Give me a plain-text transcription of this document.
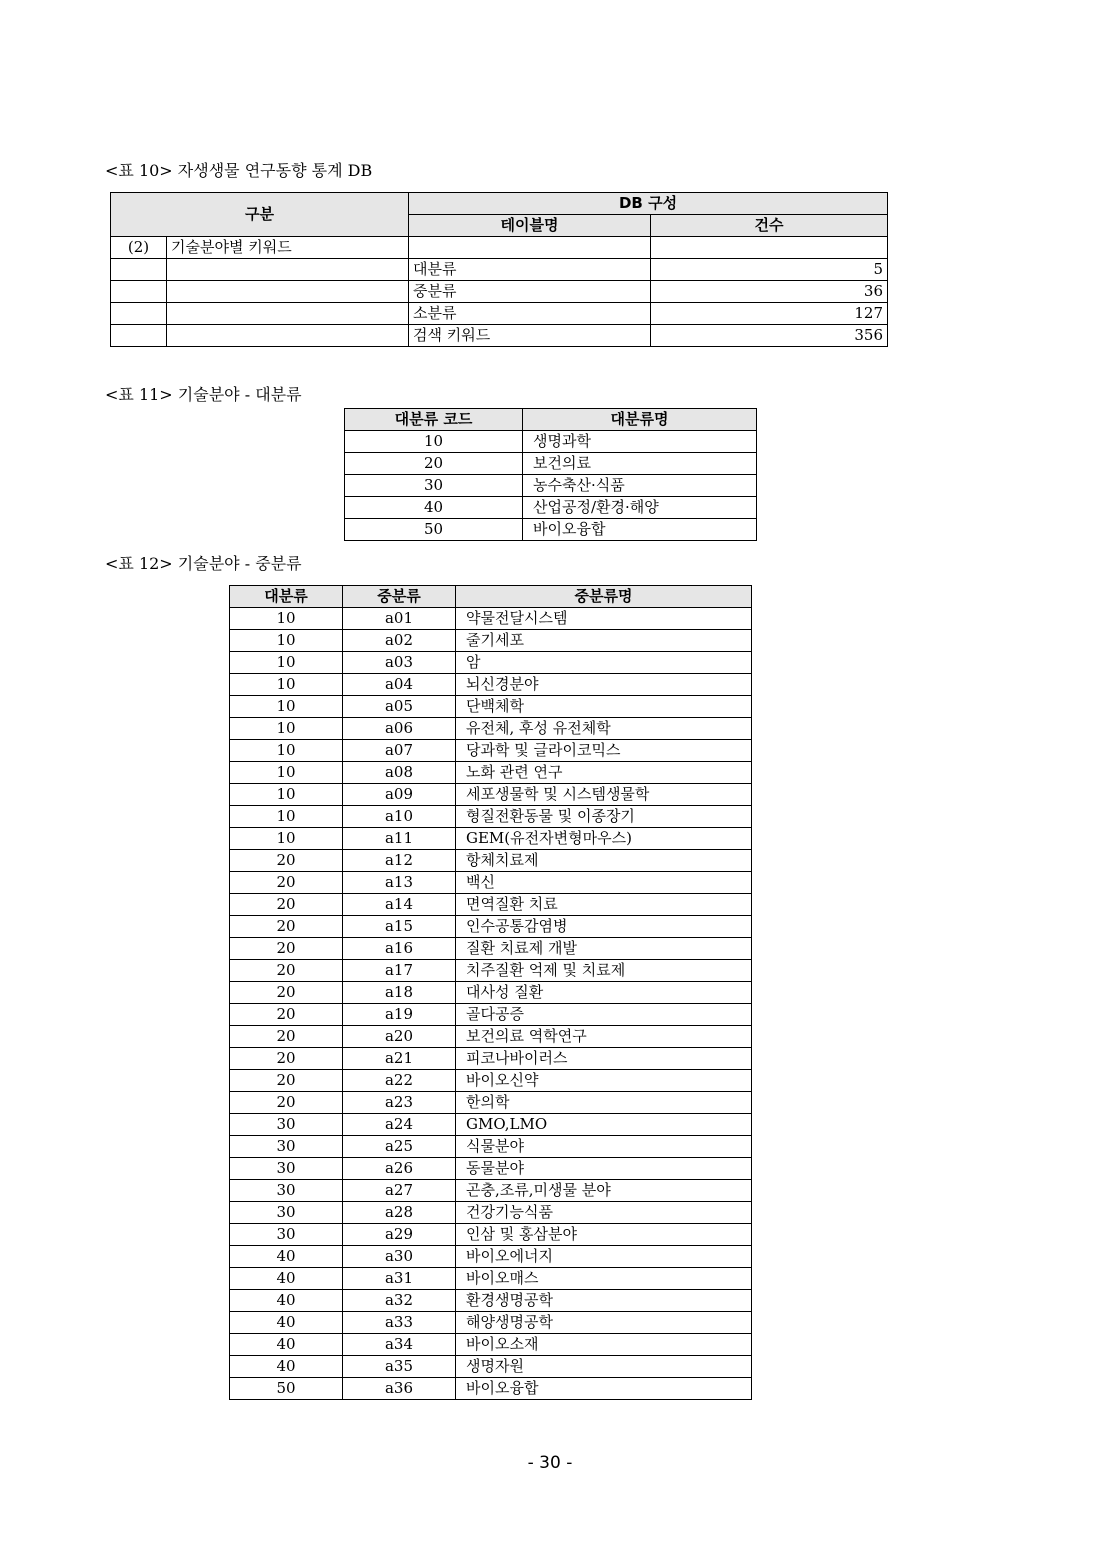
<표 10> 자생생물 연구동향 통계 DB
구분		DB 구성	
		테이블명	건수
(2)	기술분야별 키워드		
		대분류	5
		중분류	36
		소분류	127
		검색 키워드	356
<표 11> 기술분야 - 대분류
대분류 코드	대분류명
10	생명과학
20	보건의료
30	농수축산·식품
40	산업공정/환경·해양
50	바이오융합
<표 12> 기술분야 - 중분류
대분류	중분류	중분류명
10	a01	약물전달시스템
10	a02	줄기세포
10	a03	암
10	a04	뇌신경분야
10	a05	단백체학
10	a06	유전체, 후성 유전체학
10	a07	당과학 및 글라이코믹스
10	a08	노화 관련 연구
10	a09	세포생물학 및 시스템생물학
10	a10	형질전환동물 및 이종장기
10	a11	GEM(유전자변형마우스)
20	a12	항체치료제
20	a13	백신
20	a14	면역질환 치료
20	a15	인수공통감염병
20	a16	질환 치료제 개발
20	a17	치주질환 억제 및 치료제
20	a18	대사성 질환
20	a19	골다공증
20	a20	보건의료 역학연구
20	a21	피코나바이러스
20	a22	바이오신약
20	a23	한의학
30	a24	GMO,LMO
30	a25	식물분야
30	a26	동물분야
30	a27	곤충,조류,미생물 분야
30	a28	건강기능식품
30	a29	인삼 및 홍삼분야
40	a30	바이오에너지
40	a31	바이오매스
40	a32	환경생명공학
40	a33	해양생명공학
40	a34	바이오소재
40	a35	생명자원
50	a36	바이오융합
- 30 -
